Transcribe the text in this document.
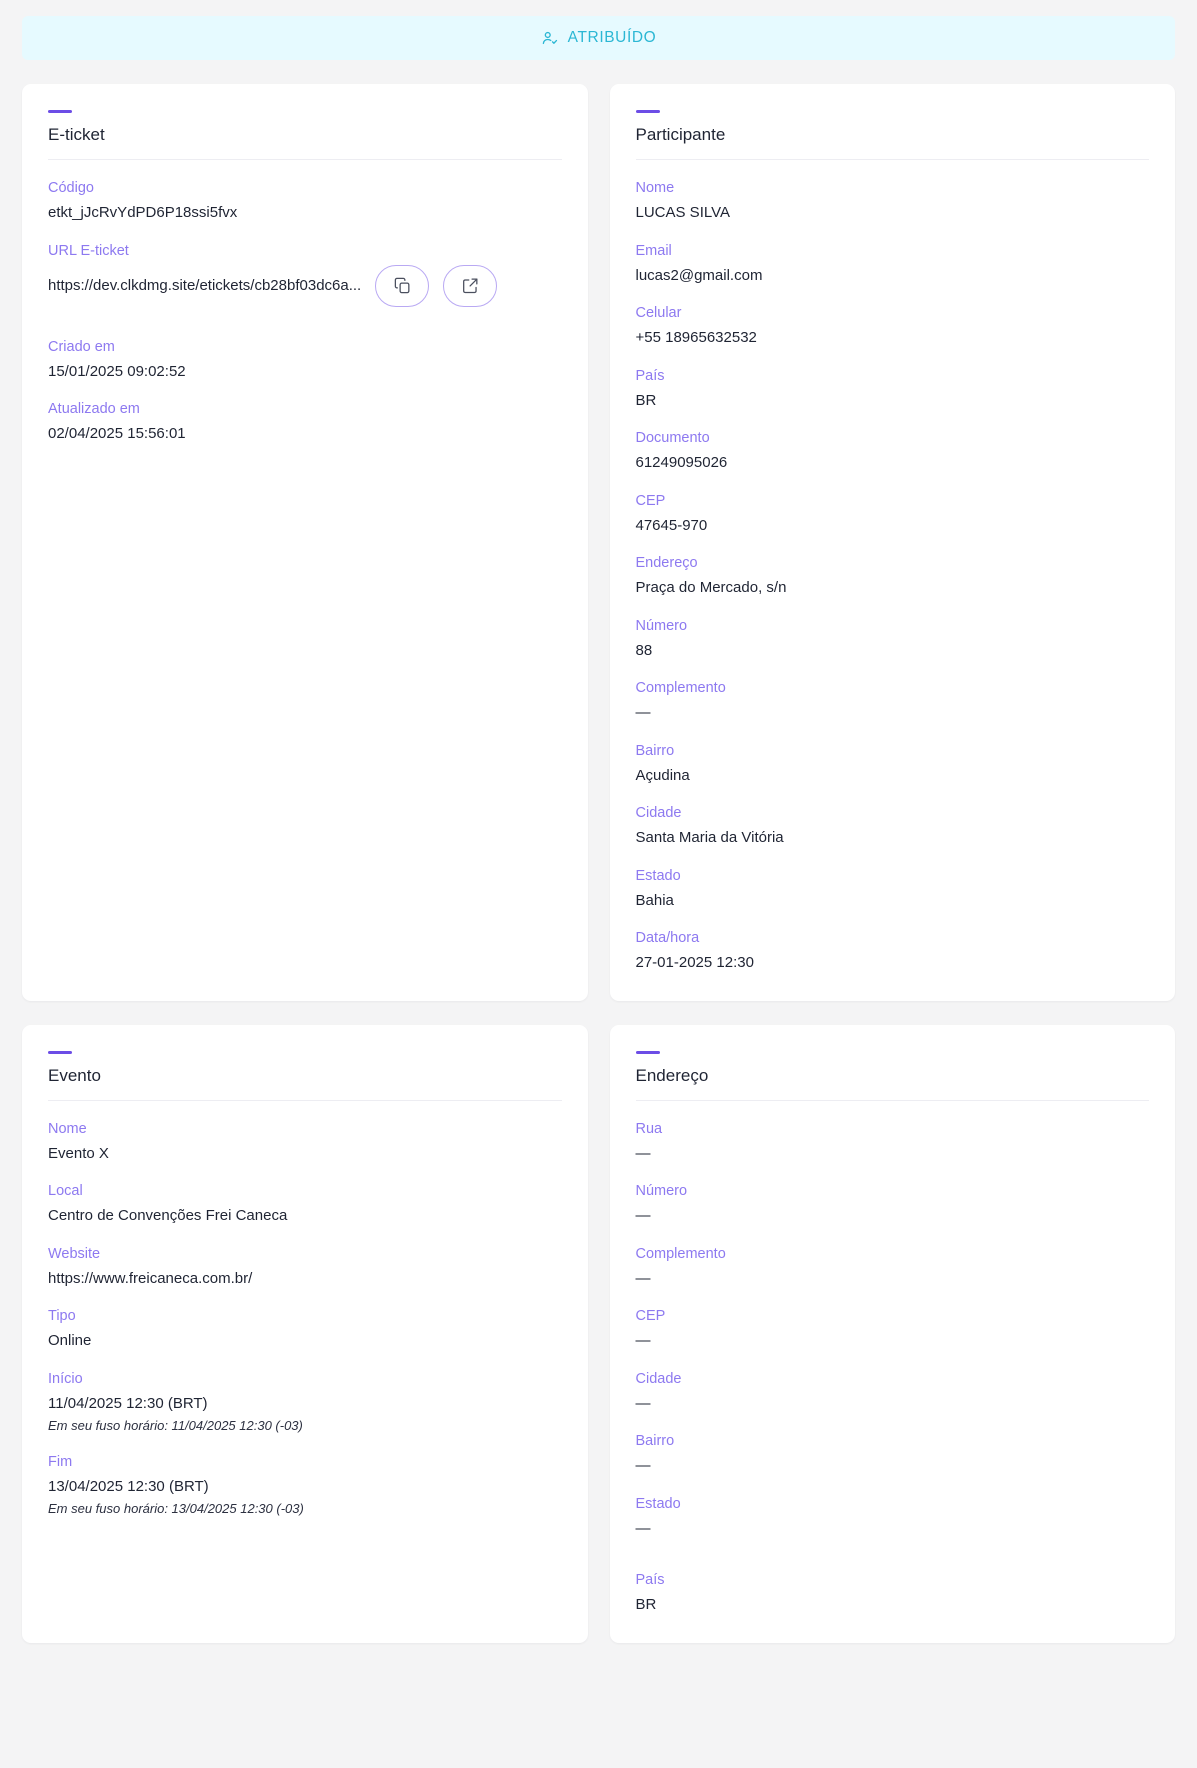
ATRIBUÍDO
E-ticket
Código
etkt_jJcRvYdPD6P18ssi5fvx
URL E-ticket
https://dev.clkdmg.site/etickets/cb28bf03dc6a...
Criado em
15/01/2025 09:02:52
Atualizado em
02/04/2025 15:56:01
Participante
Nome
LUCAS SILVA
Email
lucas2@gmail.com
Celular
+55 18965632532
País
BR
Documento
61249095026
CEP
47645-970
Endereço
Praça do Mercado, s/n
Número
88
Complemento
—
Bairro
Açudina
Cidade
Santa Maria da Vitória
Estado
Bahia
Data/hora
27-01-2025 12:30
Evento
Nome
Evento X
Local
Centro de Convenções Frei Caneca
Website
https://www.freicaneca.com.br/
Tipo
Online
Início
11/04/2025 12:30 (BRT)
Em seu fuso horário: 11/04/2025 12:30 (-03)
Fim
13/04/2025 12:30 (BRT)
Em seu fuso horário: 13/04/2025 12:30 (-03)
Endereço
Rua
—
Número
—
Complemento
—
CEP
—
Cidade
—
Bairro
—
Estado
—
País
BR
